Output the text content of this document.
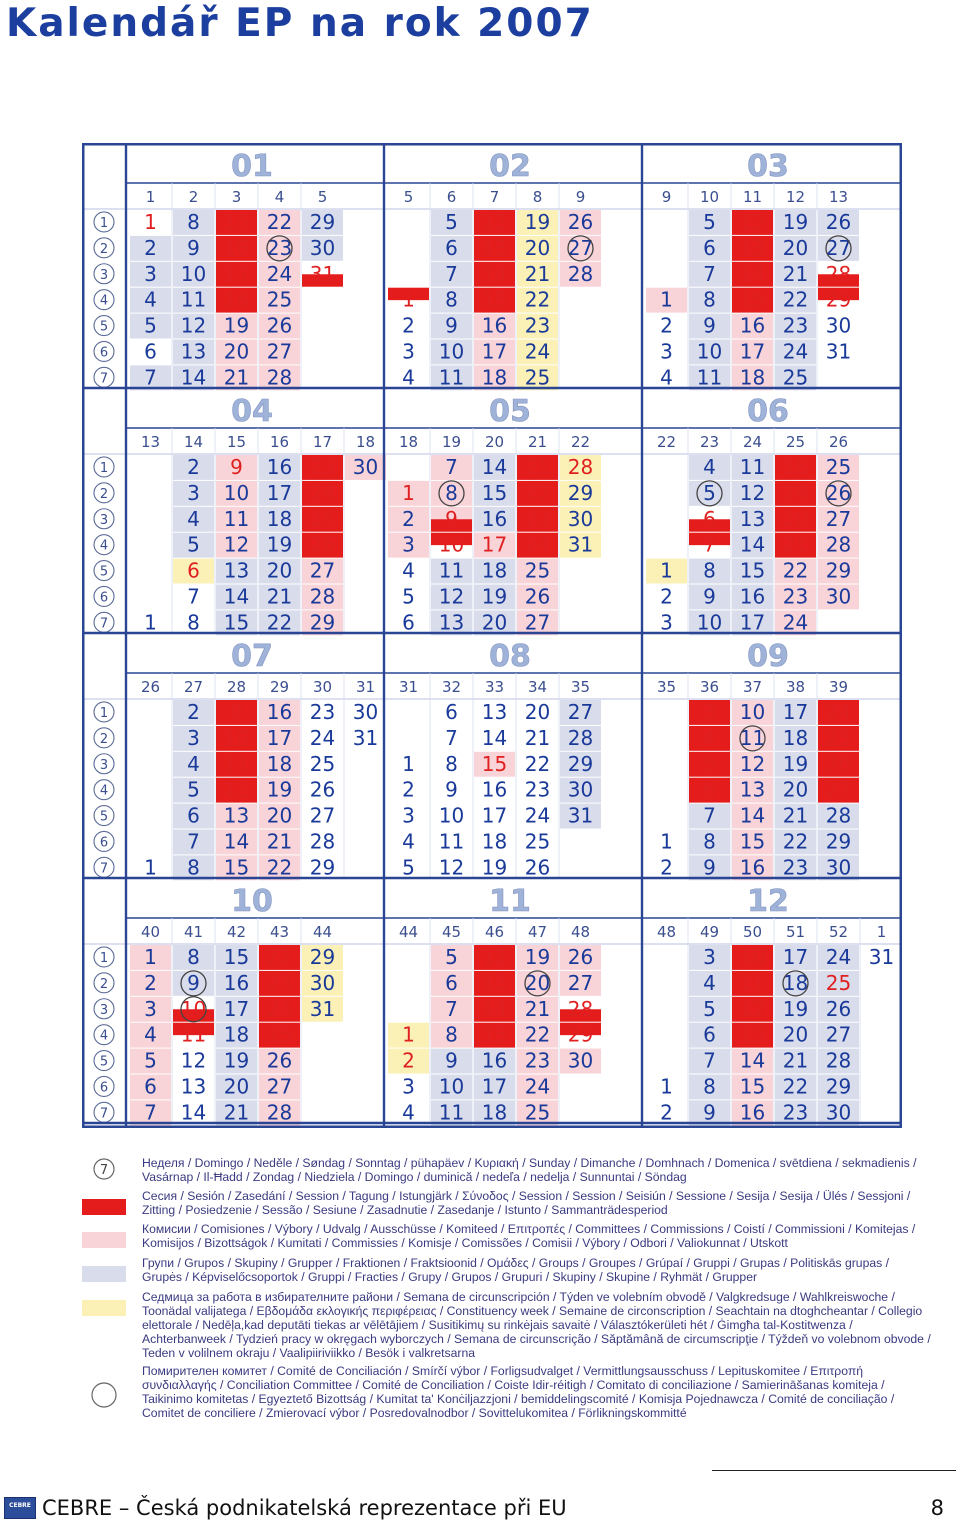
Kalendář EP na rok 2007
01
1
1
2
3
4
5
6
7
2
8
9
10
11
12
13
14
3
15
16
17
18
19
20
21
4
22
23
24
25
26
27
28
5
29
30
31
02
5
1
2
3
4
6
5
6
7
8
9
10
11
7
12
13
14
15
16
17
18
8
19
20
21
22
23
24
25
9
26
27
28
03
9
1
2
3
4
10
5
6
7
8
9
10
11
11
12
13
14
15
16
17
18
12
19
20
21
22
23
24
25
13
26
27
28
29
30
31
04
13
1
14
2
3
4
5
6
7
8
15
9
10
11
12
13
14
15
16
16
17
18
19
20
21
22
17
23
24
25
26
27
28
29
18
30
05
18
1
2
3
4
5
6
19
7
8
9
10
11
12
13
20
14
15
16
17
18
19
20
21
21
22
23
24
25
26
27
22
28
29
30
31
06
22
1
2
3
23
4
5
6
7
8
9
10
24
11
12
13
14
15
16
17
25
18
19
20
21
22
23
24
26
25
26
27
28
29
30
07
26
1
27
2
3
4
5
6
7
8
28
9
10
11
12
13
14
15
29
16
17
18
19
20
21
22
30
23
24
25
26
27
28
29
31
30
31
08
31
1
2
3
4
5
32
6
7
8
9
10
11
12
33
13
14
15
16
17
18
19
34
20
21
22
23
24
25
26
35
27
28
29
30
31
09
35
1
2
36
3
4
5
6
7
8
9
37
10
11
12
13
14
15
16
38
17
18
19
20
21
22
23
39
24
25
26
27
28
29
30
10
40
1
2
3
4
5
6
7
41
8
9
10
11
12
13
14
42
15
16
17
18
19
20
21
43
22
23
24
25
26
27
28
44
29
30
31
11
44
1
2
3
4
45
5
6
7
8
9
10
11
46
12
13
14
15
16
17
18
47
19
20
21
22
23
24
25
48
26
27
28
29
30
12
48
1
2
49
3
4
5
6
7
8
9
50
10
11
12
13
14
15
16
51
17
18
19
20
21
22
23
52
24
25
26
27
28
29
30
1
31
1
2
3
4
5
6
7
1
2
3
4
5
6
7
1
2
3
4
5
6
7
1
2
3
4
5
6
7
7	Неделя / Domingo / Neděle / Søndag / Sonntag / pühapäev / Κυριακή / Sunday / Dimanche / Domhnach / Domenica / svētdiena / sekmadienis / Vasárnap / Il-Ħadd / Zondag / Niedziela / Domingo / duminică / nedeľa / nedelja / Sunnuntai / Söndag
Сесия / Sesión / Zasedání / Session / Tagung / Istungjärk / Σύνοδος / Session / Session / Seisiún / Sessione / Sesija / Sesija / Ülés / Sessjoni / Zitting / Posiedzenie / Sessão / Sesiune / Zasadnutie / Zasedanje / Istunto / Sammanträdesperiod
Комисии / Comisiones / Výbory / Udvalg / Ausschüsse / Komiteed / Επιτροπές / Committees / Commissions / Coistí / Commissioni / Komitejas / Komisijos / Bizottságok / Kumitati / Commissies / Komisje / Comissões / Comisii / Výbory / Odbori / Valiokunnat / Utskott
Групи / Grupos / Skupiny / Grupper / Fraktionen / Fraktsioonid / Ομάδες / Groups / Groupes / Grúpaí / Gruppi / Grupas / Politiskās grupas / Grupės / Képviselőcsoportok / Gruppi / Fracties / Grupy / Grupos / Grupuri / Skupiny / Skupine / Ryhmät / Grupper
Седмица за работа в избирателните райони / Semana de circunscripción / Týden ve volebním obvodě / Valgkredsuge / Wahlkreiswoche / Toonädal valijatega / Εβδομάδα εκλογικής περιφέρειας / Constituency week / Semaine de circonscription / Seachtain na dtoghcheantar / Collegio elettorale / Nedēļa,kad deputāti tiekas ar vēlētājiem / Susitikimų su rinkėjais savaitė / Választókerületi hét / Ġimgħa tal-Kostitwenza / Achterbanweek / Tydzień pracy w okręgach wyborczych / Semana de circunscrição / Săptămână de circumscripţie / Týždeň vo volebnom obvode / Teden v volilnem okraju / Vaalipiiriviikko / Besök i valkretsarna
Помирителен комитет / Comité de Conciliación / Smírčí výbor / Forligsudvalget / Vermittlungsausschuss / Lepituskomitee / Επιτροπή συνδιαλλαγής / Conciliation Committee / Comité de Conciliation / Coiste Idir-réitigh / Comitato di conciliazione / Samierināšanas komiteja / Taikinimo komitetas / Egyeztető Bizottság / Kumitat ta' Konċiljazzjoni / bemiddelingscomité / Komisja Pojednawcza / Comité de conciliação / Comitet de conciliere / Zmierovací výbor / Posredovalnodbor / Sovittelukomitea / Förlikningskommitté
CEBRE CEBRE – Česká podnikatelská reprezentace při EU	8
